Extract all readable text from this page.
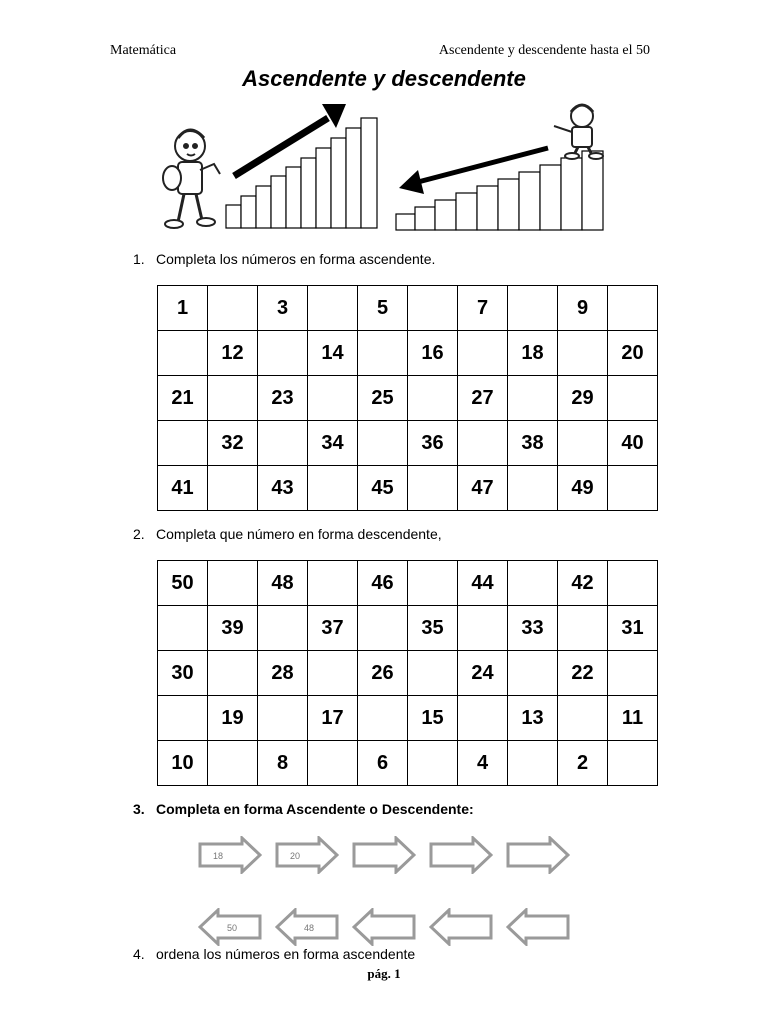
Matemática	Ascendente y descendente hasta el 50
Ascendente y descendente
1. Completa los números en forma ascendente.
1		3		5		7		9	
	12		14		16		18		20
21		23		25		27		29	
	32		34		36		38		40
41		43		45		47		49	
2. Completa que número en forma descendente,
50		48		46		44		42	
	39		37		35		33		31
30		28		26		24		22	
	19		17		15		13		11
10		8		6		4		2	
3. Completa en forma Ascendente o Descendente:
18	20
50	48
4. ordena los números en forma ascendente
pág. 1
